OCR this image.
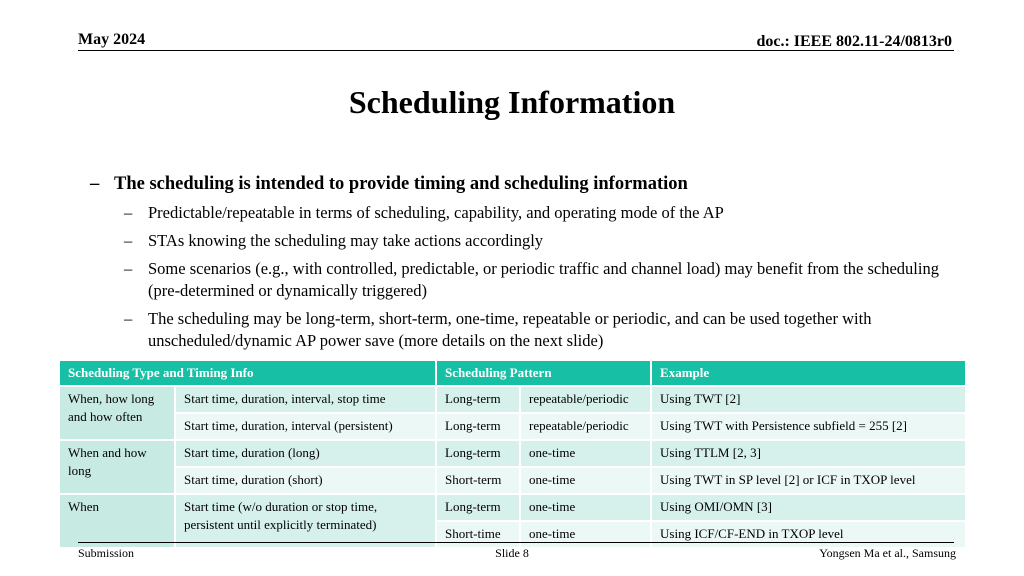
May 2024	doc.: IEEE 802.11-24/0813r0
Scheduling Information
– The scheduling is intended to provide timing and scheduling information
– Predictable/repeatable in terms of scheduling, capability, and operating mode of the AP
– STAs knowing the scheduling may take actions accordingly
– Some scenarios (e.g., with controlled, predictable, or periodic traffic and channel load) may benefit from the scheduling (pre-determined or dynamically triggered)
– The scheduling may be long-term, short-term, one-time, repeatable or periodic, and can be used together with unscheduled/dynamic AP power save (more details on the next slide)
Scheduling Type and Timing Info		Scheduling Pattern		Example
When, how long and how often	Start time, duration, interval, stop time	Long-term	repeatable/periodic	Using TWT [2]
	Start time, duration, interval (persistent)	Long-term	repeatable/periodic	Using TWT with Persistence subfield = 255 [2]
When and how long	Start time, duration (long)	Long-term	one-time	Using TTLM [2, 3]
	Start time, duration (short)	Short-term	one-time	Using TWT in SP level [2] or ICF in TXOP level
When	Start time (w/o duration or stop time, persistent until explicitly terminated)	Long-term	one-time	Using OMI/OMN [3]
		Short-time	one-time	Using ICF/CF-END in TXOP level
Submission	Slide 8	Yongsen Ma et al., Samsung
